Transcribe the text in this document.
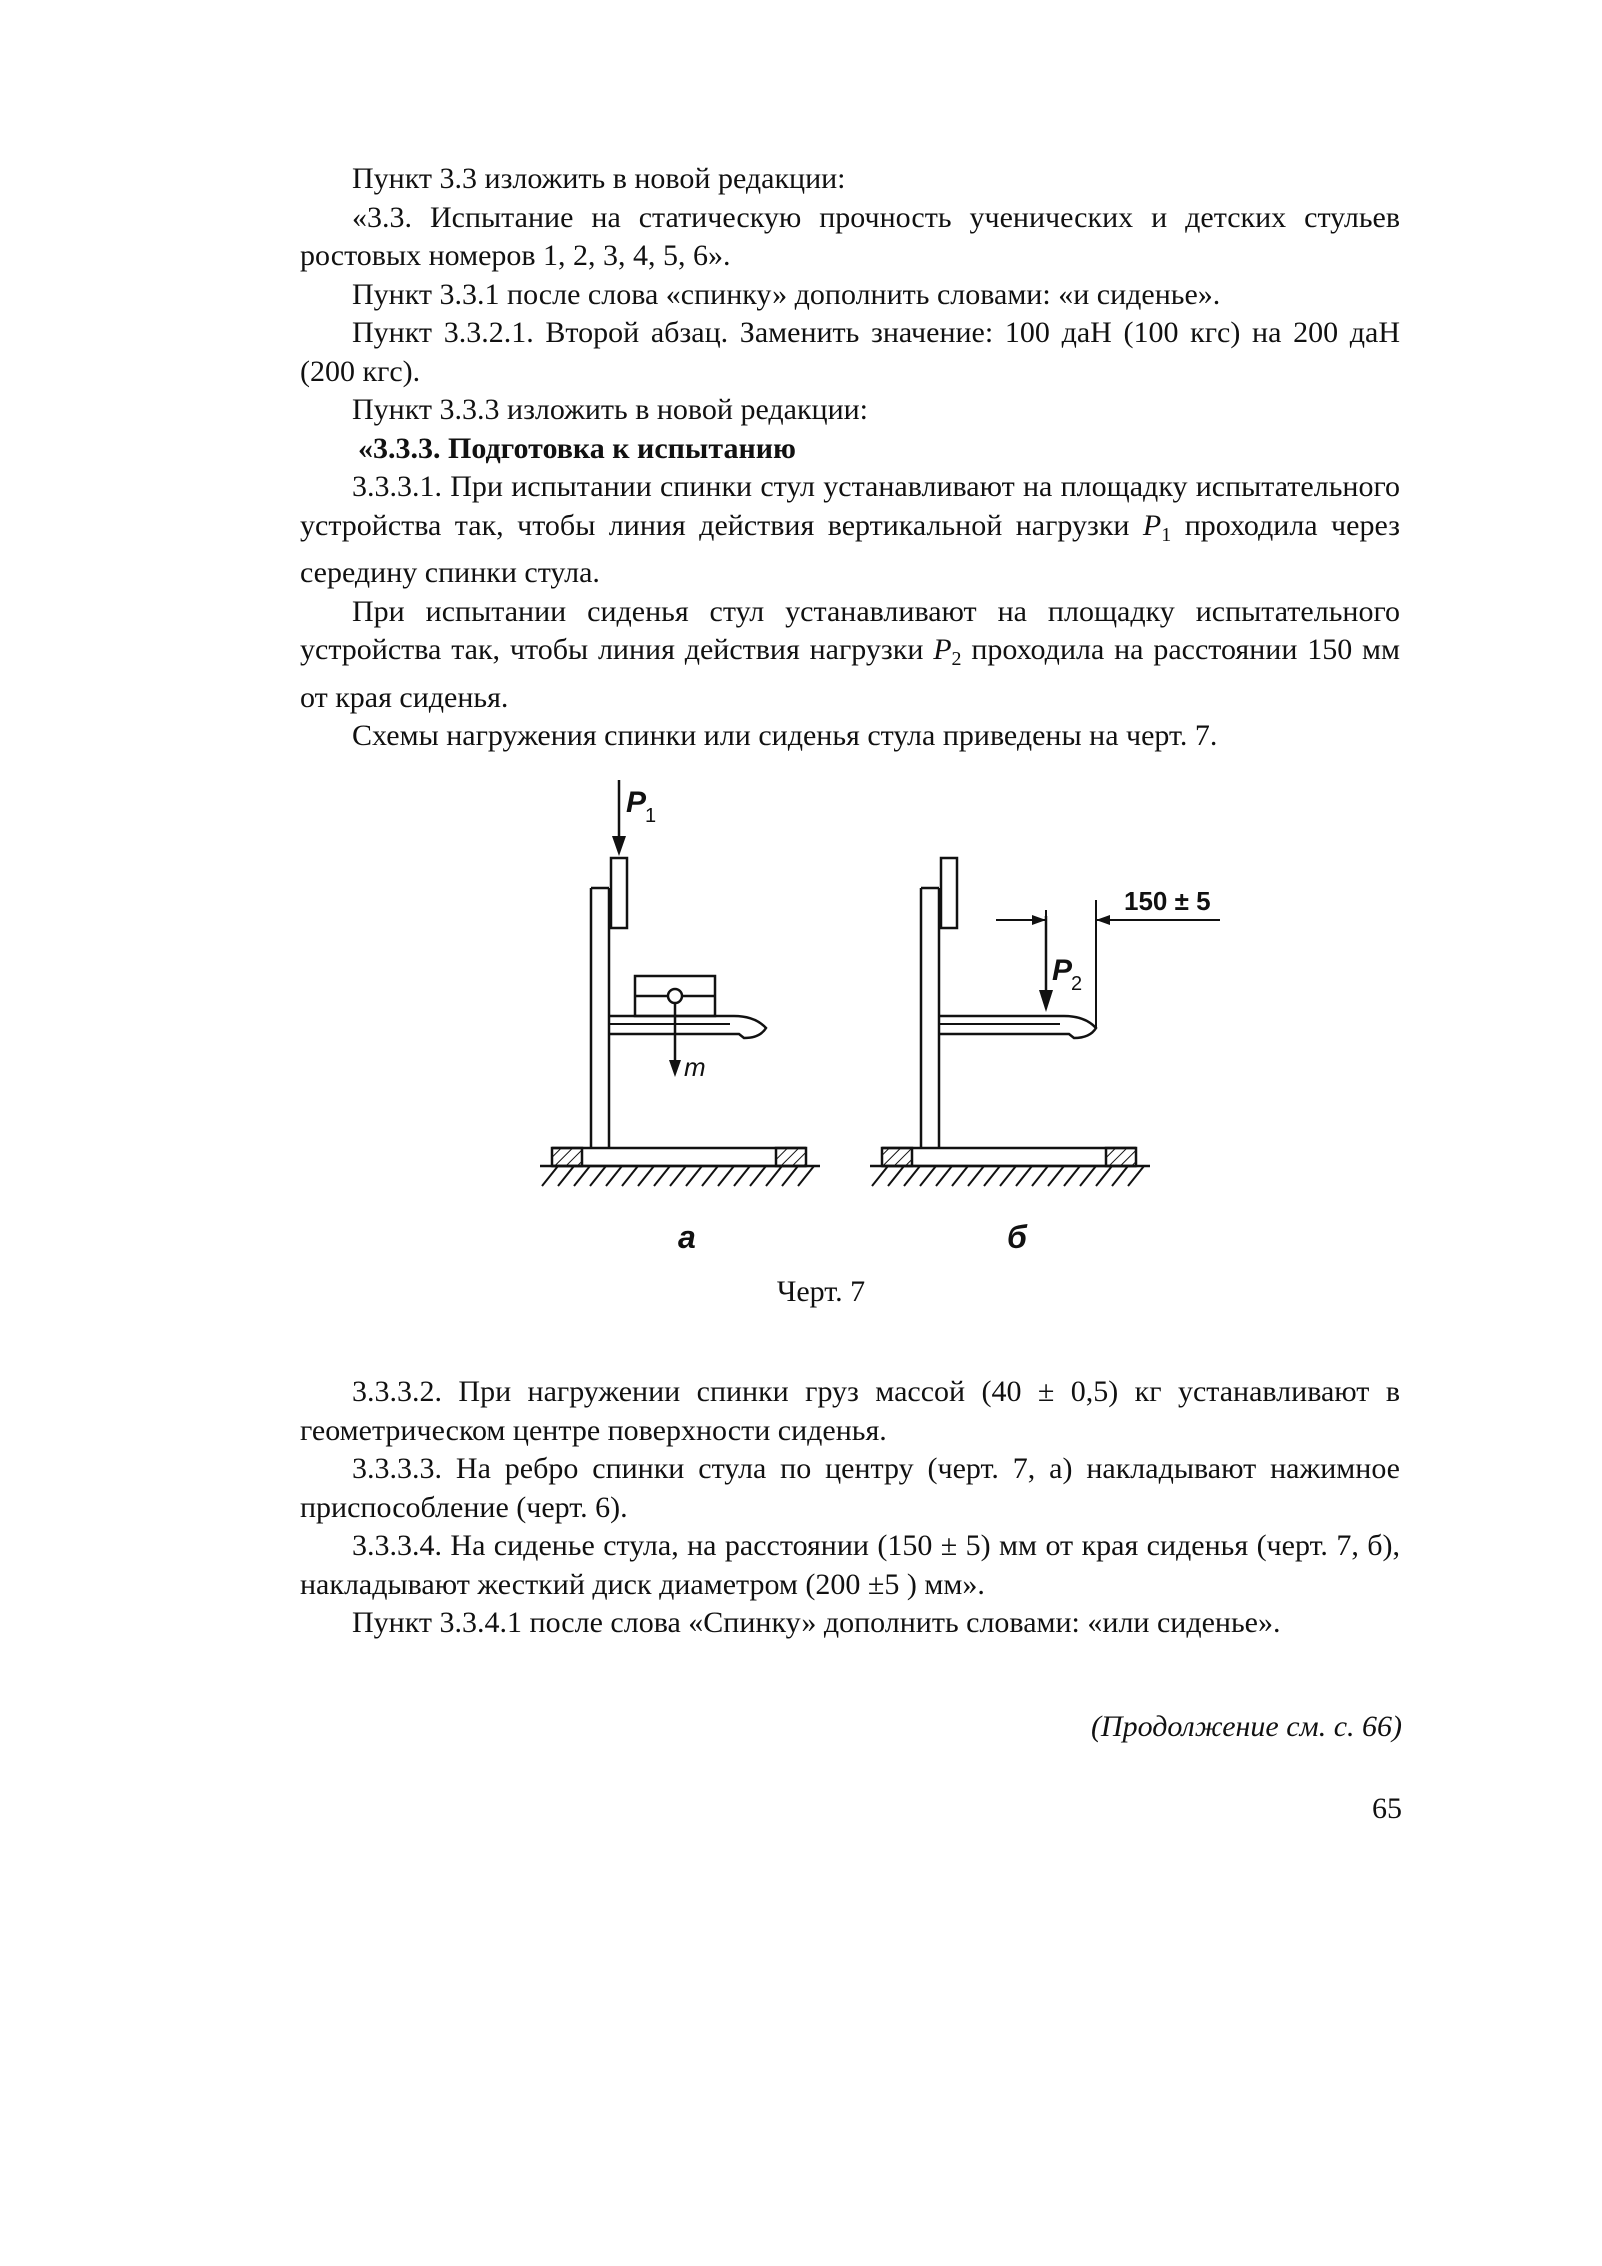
Пункт 3.3 изложить в новой редакции:

«3.3. Испытание на статическую прочность ученических и детских стульев ростовых номеров 1, 2, 3, 4, 5, 6».

Пункт 3.3.1 после слова «спинку» дополнить словами: «и сиденье».

Пункт 3.3.2.1. Второй абзац. Заменить значение: 100 даН (100 кгс) на 200 даН (200 кгс).

Пункт 3.3.3 изложить в новой редакции:

«3.3.3. Подготовка к испытанию

3.3.3.1. При испытании спинки стул устанавливают на площадку испытательного устройства так, чтобы линия действия вертикальной нагрузки $P_1$ проходила через середину спинки стула.

При испытании сиденья стул устанавливают на площадку испытательного устройства так, чтобы линия действия нагрузки $P_2$ проходила на расстоянии 150 мм от края сиденья.

Схемы нагружения спинки или сиденья стула приведены на черт. 7.

P
1
m
а
150 ± 5
P
2
б
Черт. 7

3.3.3.2. При нагружении спинки груз массой (40 ± 0,5) кг устанавливают в геометрическом центре поверхности сиденья.

3.3.3.3. На ребро спинки стула по центру (черт. 7, а) накладывают нажимное приспособление (черт. 6).

3.3.3.4. На сиденье стула, на расстоянии (150 ± 5) мм от края сиденья (черт. 7, б), накладывают жесткий диск диаметром (200 ±5 ) мм».

Пункт 3.3.4.1 после слова «Спинку» дополнить словами: «или сиденье».

(Продолжение см. с. 66)
65
